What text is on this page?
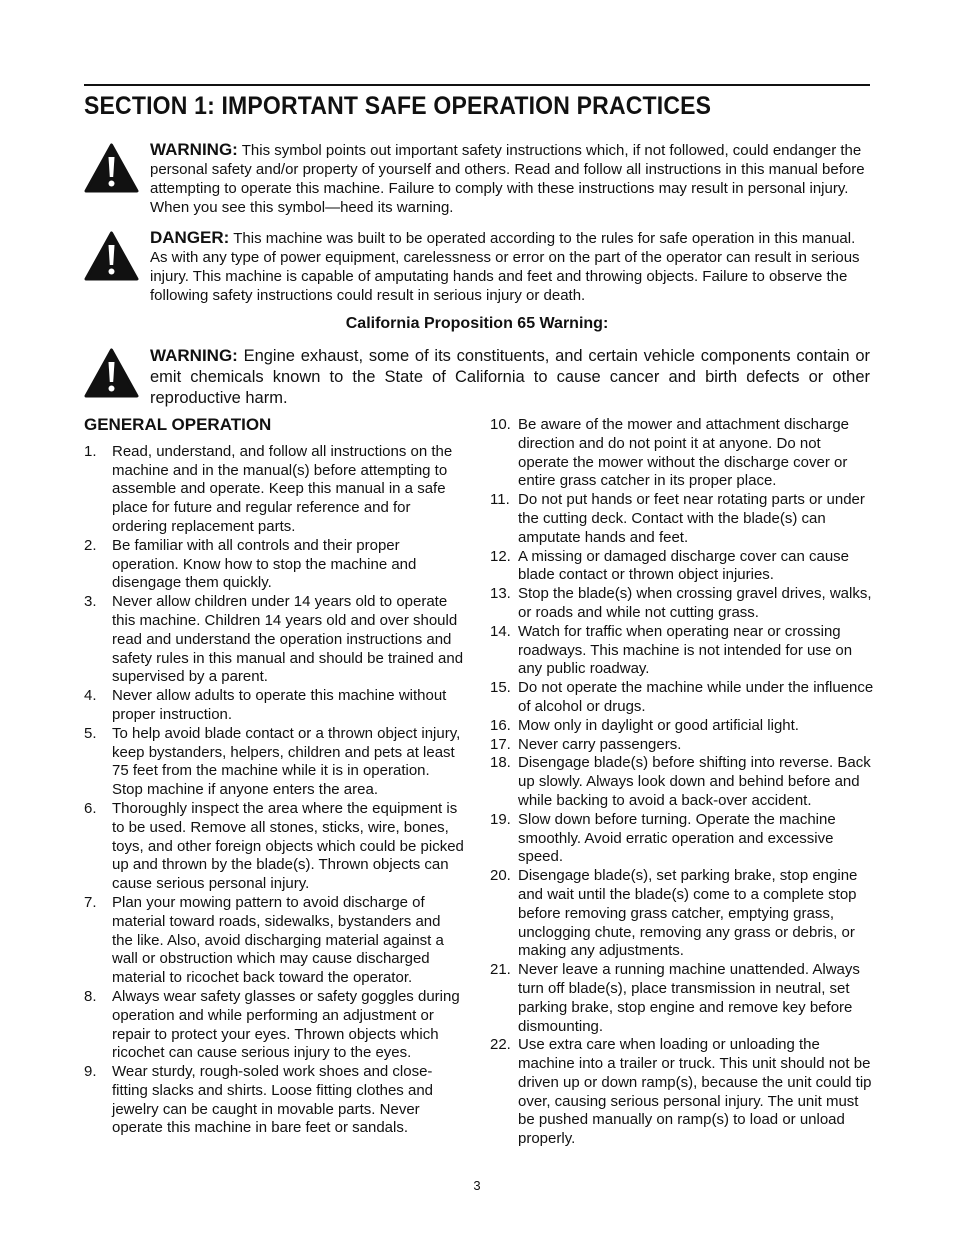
SECTION 1: IMPORTANT SAFE OPERATION PRACTICES
WARNING: This symbol points out important safety instructions which, if not followed, could endanger the personal safety and/or property of yourself and others. Read and follow all instructions in this manual before attempting to operate this machine. Failure to comply with these instructions may result in personal injury. When you see this symbol—heed its warning.
DANGER: This machine was built to be operated according to the rules for safe operation in this manual. As with any type of power equipment, carelessness or error on the part of the operator can result in serious injury. This machine is capable of amputating hands and feet and throwing objects. Failure to observe the following safety instructions could result in serious injury or death.
California Proposition 65 Warning:
WARNING: Engine exhaust, some of its constituents, and certain vehicle components contain or emit chemicals known to the State of California to cause cancer and birth defects or other reproductive harm.
GENERAL OPERATION
1. Read, understand, and follow all instructions on the machine and in the manual(s) before attempting to assemble and operate. Keep this manual in a safe place for future and regular reference and for ordering replacement parts.
2. Be familiar with all controls and their proper operation. Know how to stop the machine and disengage them quickly.
3. Never allow children under 14 years old to operate this machine. Children 14 years old and over should read and understand the operation instructions and safety rules in this manual and should be trained and supervised by a parent.
4. Never allow adults to operate this machine without proper instruction.
5. To help avoid blade contact or a thrown object injury, keep bystanders, helpers, children and pets at least 75 feet from the machine while it is in operation. Stop machine if anyone enters the area.
6. Thoroughly inspect the area where the equipment is to be used. Remove all stones, sticks, wire, bones, toys, and other foreign objects which could be picked up and thrown by the blade(s). Thrown objects can cause serious personal injury.
7. Plan your mowing pattern to avoid discharge of material toward roads, sidewalks, bystanders and the like. Also, avoid discharging material against a wall or obstruction which may cause discharged material to ricochet back toward the operator.
8. Always wear safety glasses or safety goggles during operation and while performing an adjustment or repair to protect your eyes. Thrown objects which ricochet can cause serious injury to the eyes.
9. Wear sturdy, rough-soled work shoes and close-fitting slacks and shirts. Loose fitting clothes and jewelry can be caught in movable parts. Never operate this machine in bare feet or sandals.
10. Be aware of the mower and attachment discharge direction and do not point it at anyone. Do not operate the mower without the discharge cover or entire grass catcher in its proper place.
11. Do not put hands or feet near rotating parts or under the cutting deck. Contact with the blade(s) can amputate hands and feet.
12. A missing or damaged discharge cover can cause blade contact or thrown object injuries.
13. Stop the blade(s) when crossing gravel drives, walks, or roads and while not cutting grass.
14. Watch for traffic when operating near or crossing roadways. This machine is not intended for use on any public roadway.
15. Do not operate the machine while under the influence of alcohol or drugs.
16. Mow only in daylight or good artificial light.
17. Never carry passengers.
18. Disengage blade(s) before shifting into reverse. Back up slowly. Always look down and behind before and while backing to avoid a back-over accident.
19. Slow down before turning. Operate the machine smoothly. Avoid erratic operation and excessive speed.
20. Disengage blade(s), set parking brake, stop engine and wait until the blade(s) come to a complete stop before removing grass catcher, emptying grass, unclogging chute, removing any grass or debris, or making any adjustments.
21. Never leave a running machine unattended. Always turn off blade(s), place transmission in neutral, set parking brake, stop engine and remove key before dismounting.
22. Use extra care when loading or unloading the machine into a trailer or truck. This unit should not be driven up or down ramp(s), because the unit could tip over, causing serious personal injury. The unit must be pushed manually on ramp(s) to load or unload properly.
3
